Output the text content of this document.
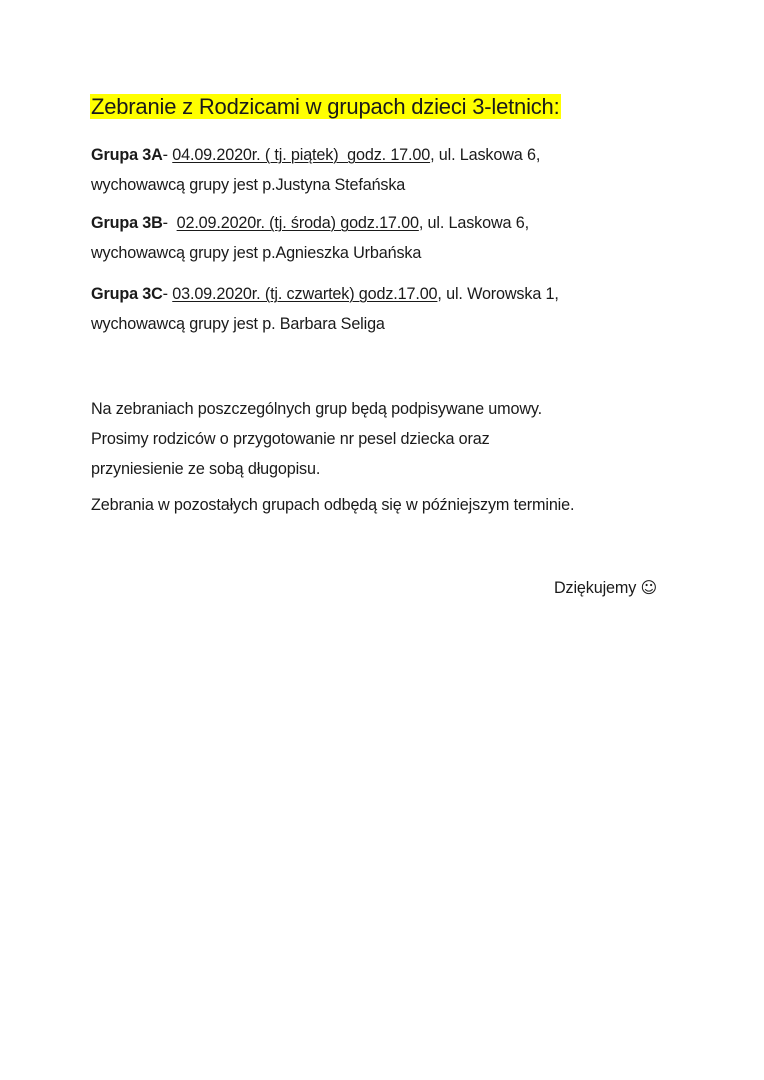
Zebranie z Rodzicami w grupach dzieci 3-letnich:

Grupa 3A- 04.09.2020r. ( tj. piątek)  godz. 17.00, ul. Laskowa 6,
wychowawcą grupy jest p.Justyna Stefańska

Grupa 3B-  02.09.2020r. (tj. środa) godz.17.00, ul. Laskowa 6,
wychowawcą grupy jest p.Agnieszka Urbańska

Grupa 3C- 03.09.2020r. (tj. czwartek) godz.17.00, ul. Worowska 1,
wychowawcą grupy jest p. Barbara Seliga

Na zebraniach poszczególnych grup będą podpisywane umowy.
Prosimy rodziców o przygotowanie nr pesel dziecka oraz
przyniesienie ze sobą długopisu.

Zebrania w pozostałych grupach odbędą się w późniejszym terminie.

Dziękujemy ☺
